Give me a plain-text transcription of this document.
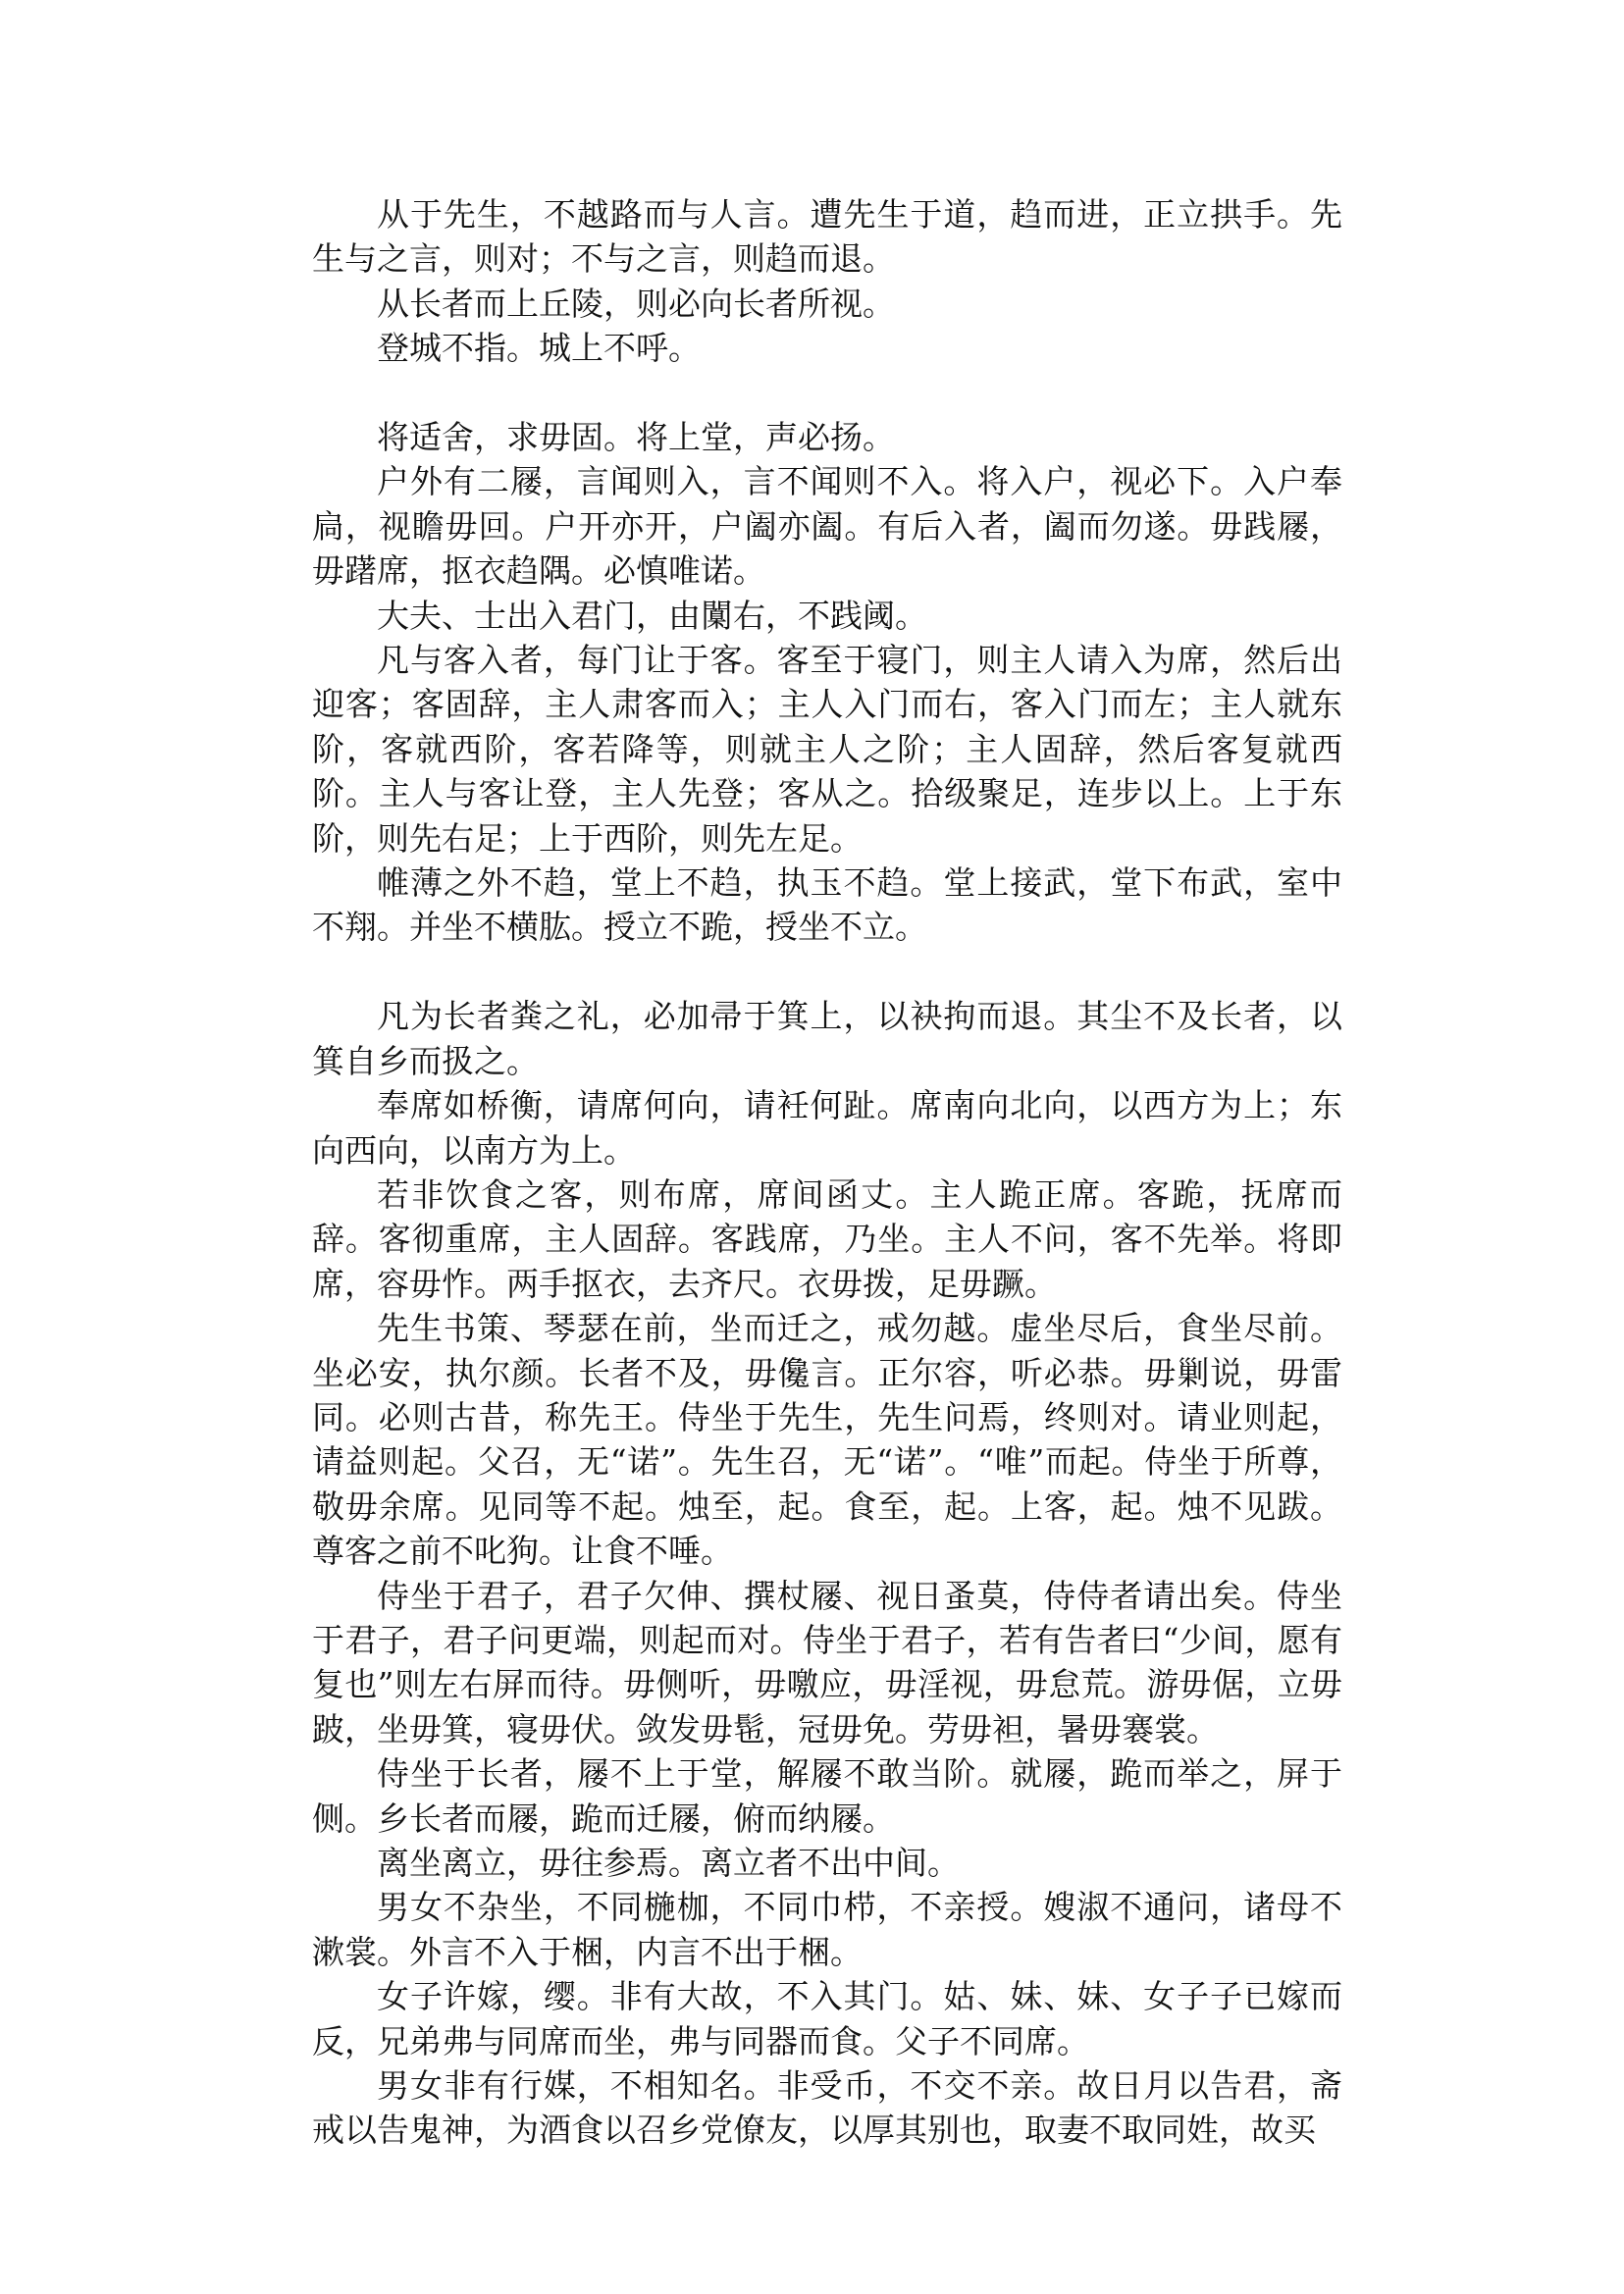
从于先生，不越路而与人言。遭先生于道，趋而进，正立拱手。先生与之言，则对；不与之言，则趋而退。

从长者而上丘陵，则必向长者所视。

登城不指。城上不呼。

将适舍，求毋固。将上堂，声必扬。

户外有二屦，言闻则入，言不闻则不入。将入户，视必下。入户奉扃，视瞻毋回。户开亦开，户阖亦阖。有后入者，阖而勿遂。毋践屦，毋躇席，抠衣趋隅。必慎唯诺。

大夫、士出入君门，由闑右，不践阈。

凡与客入者，每门让于客。客至于寝门，则主人请入为席，然后出迎客；客固辞，主人肃客而入；主人入门而右，客入门而左；主人就东阶，客就西阶，客若降等，则就主人之阶；主人固辞，然后客复就西阶。主人与客让登，主人先登；客从之。拾级聚足，连步以上。上于东阶，则先右足；上于西阶，则先左足。

帷薄之外不趋，堂上不趋，执玉不趋。堂上接武，堂下布武，室中不翔。并坐不横肱。授立不跪，授坐不立。

凡为长者粪之礼，必加帚于箕上，以袂拘而退。其尘不及长者，以箕自乡而扱之。

奉席如桥衡，请席何向，请衽何趾。席南向北向，以西方为上；东向西向，以南方为上。

若非饮食之客，则布席，席间函丈。主人跪正席。客跪，抚席而辞。客彻重席，主人固辞。客践席，乃坐。主人不问，客不先举。将即席，容毋怍。两手抠衣，去齐尺。衣毋拨，足毋蹶。

先生书策、琴瑟在前，坐而迁之，戒勿越。虚坐尽后，食坐尽前。坐必安，执尔颜。长者不及，毋儳言。正尔容，听必恭。毋剿说，毋雷同。必则古昔，称先王。侍坐于先生，先生问焉，终则对。请业则起，请益则起。父召，无“诺”。先生召，无“诺”。“唯”而起。侍坐于所尊，敬毋余席。见同等不起。烛至，起。食至，起。上客，起。烛不见跋。尊客之前不叱狗。让食不唾。

侍坐于君子，君子欠伸、撰杖屦、视日蚤莫，侍侍者请出矣。侍坐于君子，君子问更端，则起而对。侍坐于君子，若有告者曰“少间，愿有复也”则左右屏而待。毋侧听，毋噭应，毋淫视，毋怠荒。游毋倨，立毋跛，坐毋箕，寝毋伏。敛发毋髢，冠毋免。劳毋袒，暑毋褰裳。

侍坐于长者，屦不上于堂，解屦不敢当阶。就屦，跪而举之，屏于侧。乡长者而屦，跪而迁屦，俯而纳屦。

离坐离立，毋往参焉。离立者不出中间。

男女不杂坐，不同椸枷，不同巾栉，不亲授。嫂淑不通问，诸母不漱裳。外言不入于梱，内言不出于梱。

女子许嫁，缨。非有大故，不入其门。姑、妹、妹、女子子已嫁而反，兄弟弗与同席而坐，弗与同器而食。父子不同席。

男女非有行媒，不相知名。非受币，不交不亲。故日月以告君，斋戒以告鬼神，为酒食以召乡党僚友，以厚其别也，取妻不取同姓，故买
